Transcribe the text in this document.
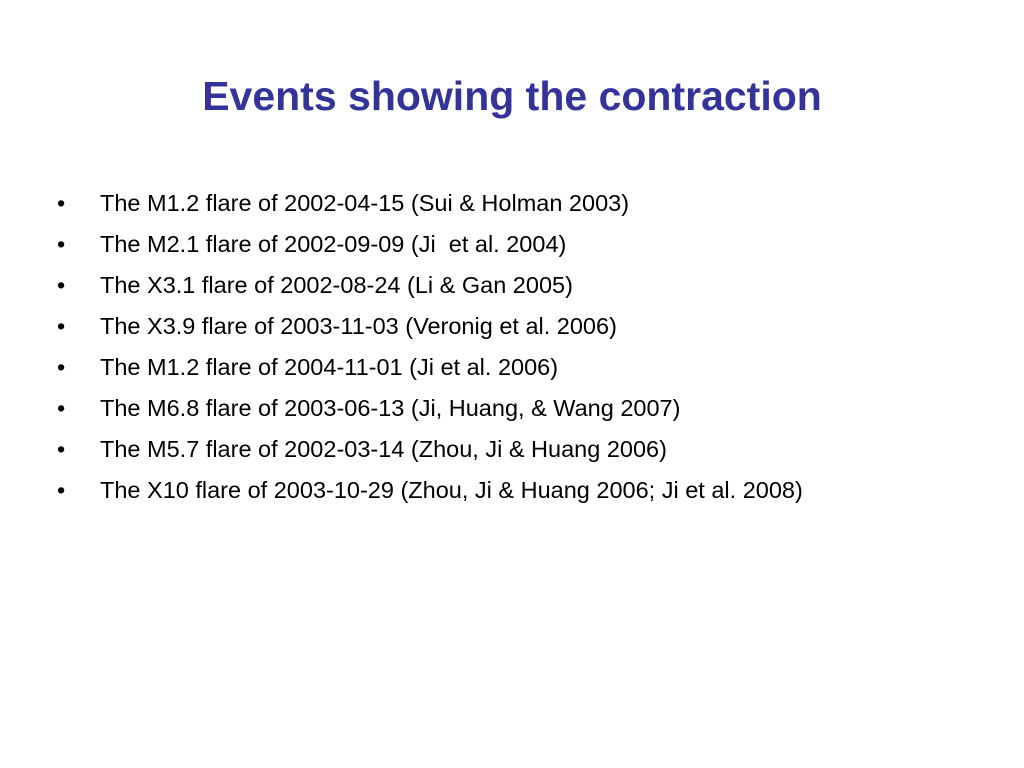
Events showing the contraction
•	The M1.2 flare of 2002-04-15 (Sui & Holman 2003)
•	The M2.1 flare of 2002-09-09 (Ji  et al. 2004)
•	The X3.1 flare of 2002-08-24 (Li & Gan 2005)
•	The X3.9 flare of 2003-11-03 (Veronig et al. 2006)
•	The M1.2 flare of 2004-11-01 (Ji et al. 2006)
•	The M6.8 flare of 2003-06-13 (Ji, Huang, & Wang 2007)
•	The M5.7 flare of 2002-03-14 (Zhou, Ji & Huang 2006)
•	The X10 flare of 2003-10-29 (Zhou, Ji & Huang 2006; Ji et al. 2008)
